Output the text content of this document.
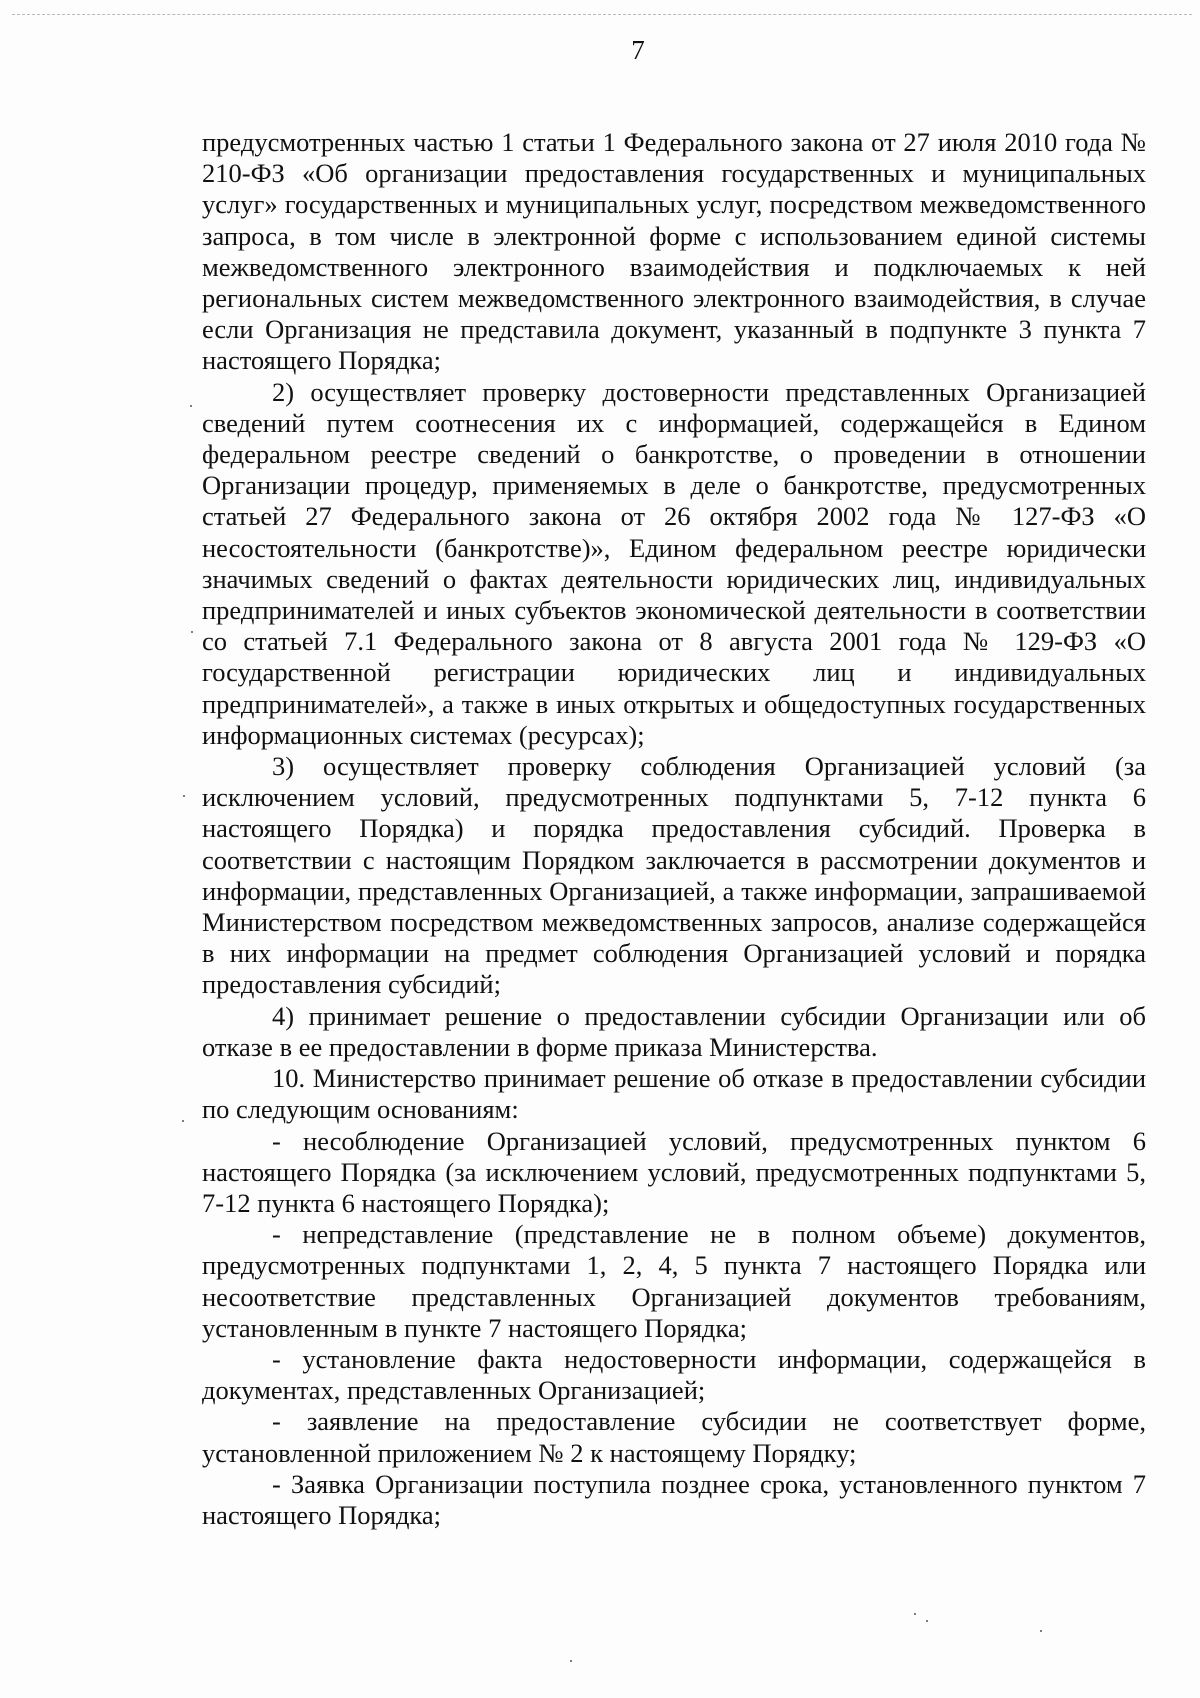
7

предусмотренных частью 1 статьи 1 Федерального закона от 27 июля 2010 года № 210-ФЗ «Об организации предоставления государственных и муниципальных услуг» государственных и муниципальных услуг, посредством межведомственного запроса, в том числе в электронной форме с использованием единой системы межведомственного электронного взаимодействия и подключаемых к ней региональных систем межведомственного электронного взаимодействия, в случае если Организация не представила документ, указанный в подпункте 3 пункта 7 настоящего Порядка;

2) осуществляет проверку достоверности представленных Организацией сведений путем соотнесения их с информацией, содержащейся в Едином федеральном реестре сведений о банкротстве, о проведении в отношении Организации процедур, применяемых в деле о банкротстве, предусмотренных статьей 27 Федерального закона от 26 октября 2002 года № 127-ФЗ «О несостоятельности (банкротстве)», Едином федеральном реестре юридически значимых сведений о фактах деятельности юридических лиц, индивидуальных предпринимателей и иных субъектов экономической деятельности в соответствии со статьей 7.1 Федерального закона от 8 августа 2001 года № 129-ФЗ «О государственной регистрации юридических лиц и индивидуальных предпринимателей», а также в иных открытых и общедоступных государственных информационных системах (ресурсах);

3) осуществляет проверку соблюдения Организацией условий (за исключением условий, предусмотренных подпунктами 5, 7-12 пункта 6 настоящего Порядка) и порядка предоставления субсидий. Проверка в соответствии с настоящим Порядком заключается в рассмотрении документов и информации, представленных Организацией, а также информации, запрашиваемой Министерством посредством межведомственных запросов, анализе содержащейся в них информации на предмет соблюдения Организацией условий и порядка предоставления субсидий;

4) принимает решение о предоставлении субсидии Организации или об отказе в ее предоставлении в форме приказа Министерства.

10. Министерство принимает решение об отказе в предоставлении субсидии по следующим основаниям:

- несоблюдение Организацией условий, предусмотренных пунктом 6 настоящего Порядка (за исключением условий, предусмотренных подпунктами 5, 7-12 пункта 6 настоящего Порядка);

- непредставление (представление не в полном объеме) документов, предусмотренных подпунктами 1, 2, 4, 5 пункта 7 настоящего Порядка или несоответствие представленных Организацией документов требованиям, установленным в пункте 7 настоящего Порядка;

- установление факта недостоверности информации, содержащейся в документах, представленных Организацией;

- заявление на предоставление субсидии не соответствует форме, установленной приложением № 2 к настоящему Порядку;

- Заявка Организации поступила позднее срока, установленного пунктом 7 настоящего Порядка;
